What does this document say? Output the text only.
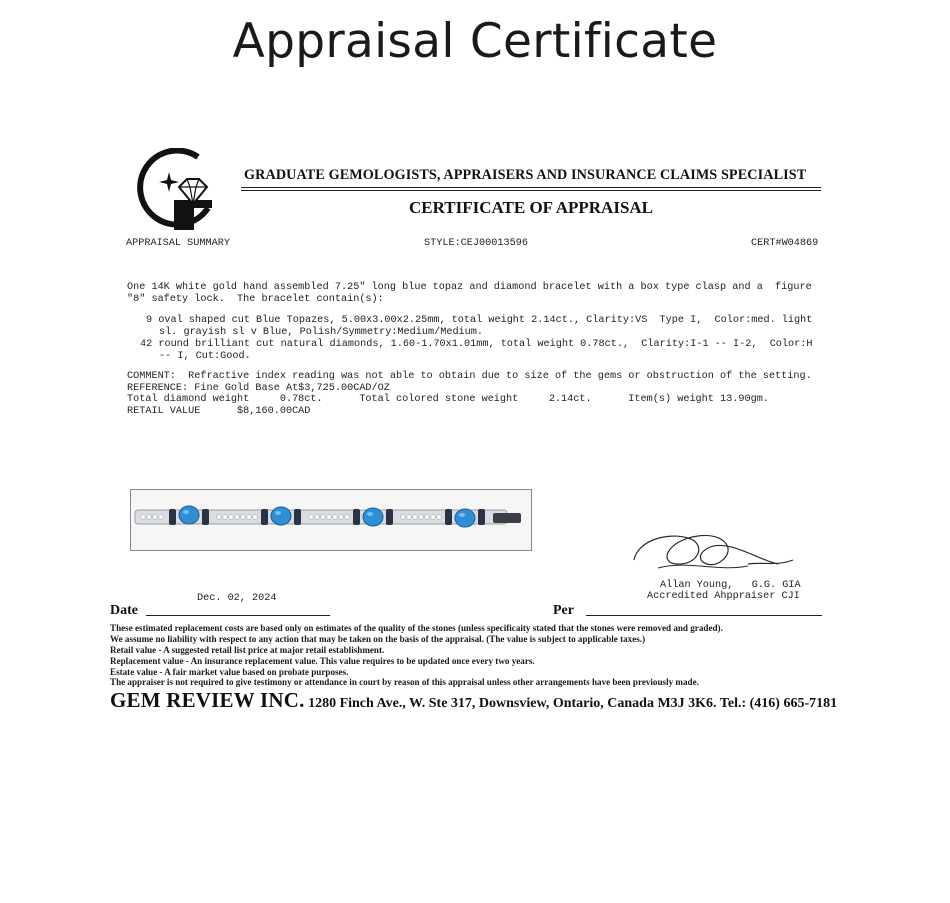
Appraisal Certificate
GRADUATE GEMOLOGISTS, APPRAISERS AND INSURANCE CLAIMS SPECIALIST
CERTIFICATE OF APPRAISAL
APPRAISAL SUMMARY	STYLE:CEJ00013596	CERT#W04869
One 14K white gold hand assembled 7.25" long blue topaz and diamond bracelet with a box type clasp and a  figure
"8" safety lock.  The bracelet contain(s):
9 oval shaped cut Blue Topazes, 5.00x3.00x2.25mm, total weight 2.14ct., Clarity:VS  Type I,  Color:med. light
sl. grayish sl v Blue, Polish/Symmetry:Medium/Medium.
42 round brilliant cut natural diamonds, 1.60-1.70x1.01mm, total weight 0.78ct.,  Clarity:I-1 -- I-2,  Color:H
-- I, Cut:Good.
COMMENT:  Refractive index reading was not able to obtain due to size of the gems or obstruction of the setting.
REFERENCE: Fine Gold Base At$3,725.00CAD/OZ
Total diamond weight     0.78ct.      Total colored stone weight     2.14ct.      Item(s) weight 13.90gm.
RETAIL VALUE      $8,160.00CAD
Allan Young,   G.G. GIA
Accredited Ahppraiser CJI
Dec. 02, 2024
Date	Per
These estimated replacement costs are based only on estimates of the quality of the stones (unless specificaity stated that the stones were removed and graded).
We assume no liability with respect to any action that may be taken on the basis of the appraisal. (The value is subject to applicable taxes.)
Retail value - A suggested retail list price at major retail establishment.
Replacement value - An insurance replacement value. This value requires to be updated once every two years.
Estate value - A fair market value based on probate purposes.
The appraiser is not required to give testimony or attendance in court by reason of this appraisal unless other arrangements have been previously made.
GEM REVIEW INC. 1280 Finch Ave., W. Ste 317, Downsview, Ontario, Canada M3J 3K6. Tel.: (416) 665-7181
